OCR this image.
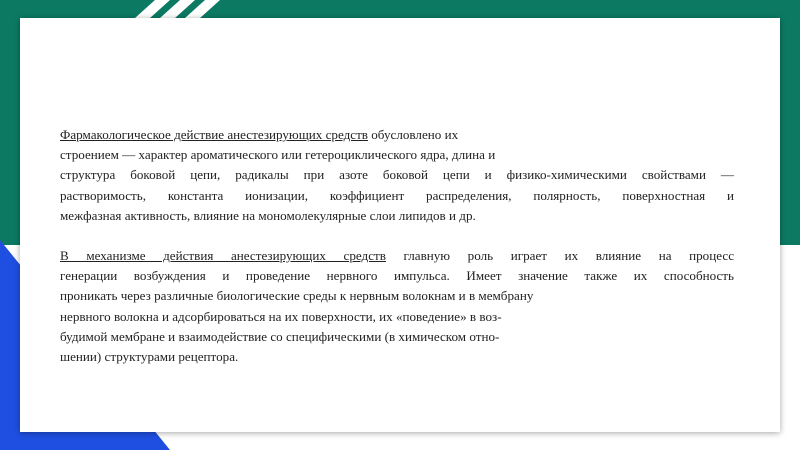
Фармакологическое действие анестезирующих средств обусловлено их
строением — характер ароматического или гетероциклического ядра, длина и
структура боковой цепи, радикалы при азоте боковой цепи и физико-химическими свойствами —
растворимость, константа ионизации, коэффициент распределения, полярность, поверхностная и
межфазная активность, влияние на мономолекулярные слои липидов и др.
В механизме действия анестезирующих средств главную роль играет их влияние на процесс
генерации возбуждения и проведение нервного импульса. Имеет значение также их способность
проникать через различные биологические среды к нервным волокнам и в мембрану
нервного волокна и адсорбироваться на их поверхности, их «поведение» в воз-
будимой мембране и взаимодействие со специфическими (в химическом отно-
шении) структурами рецептора.
